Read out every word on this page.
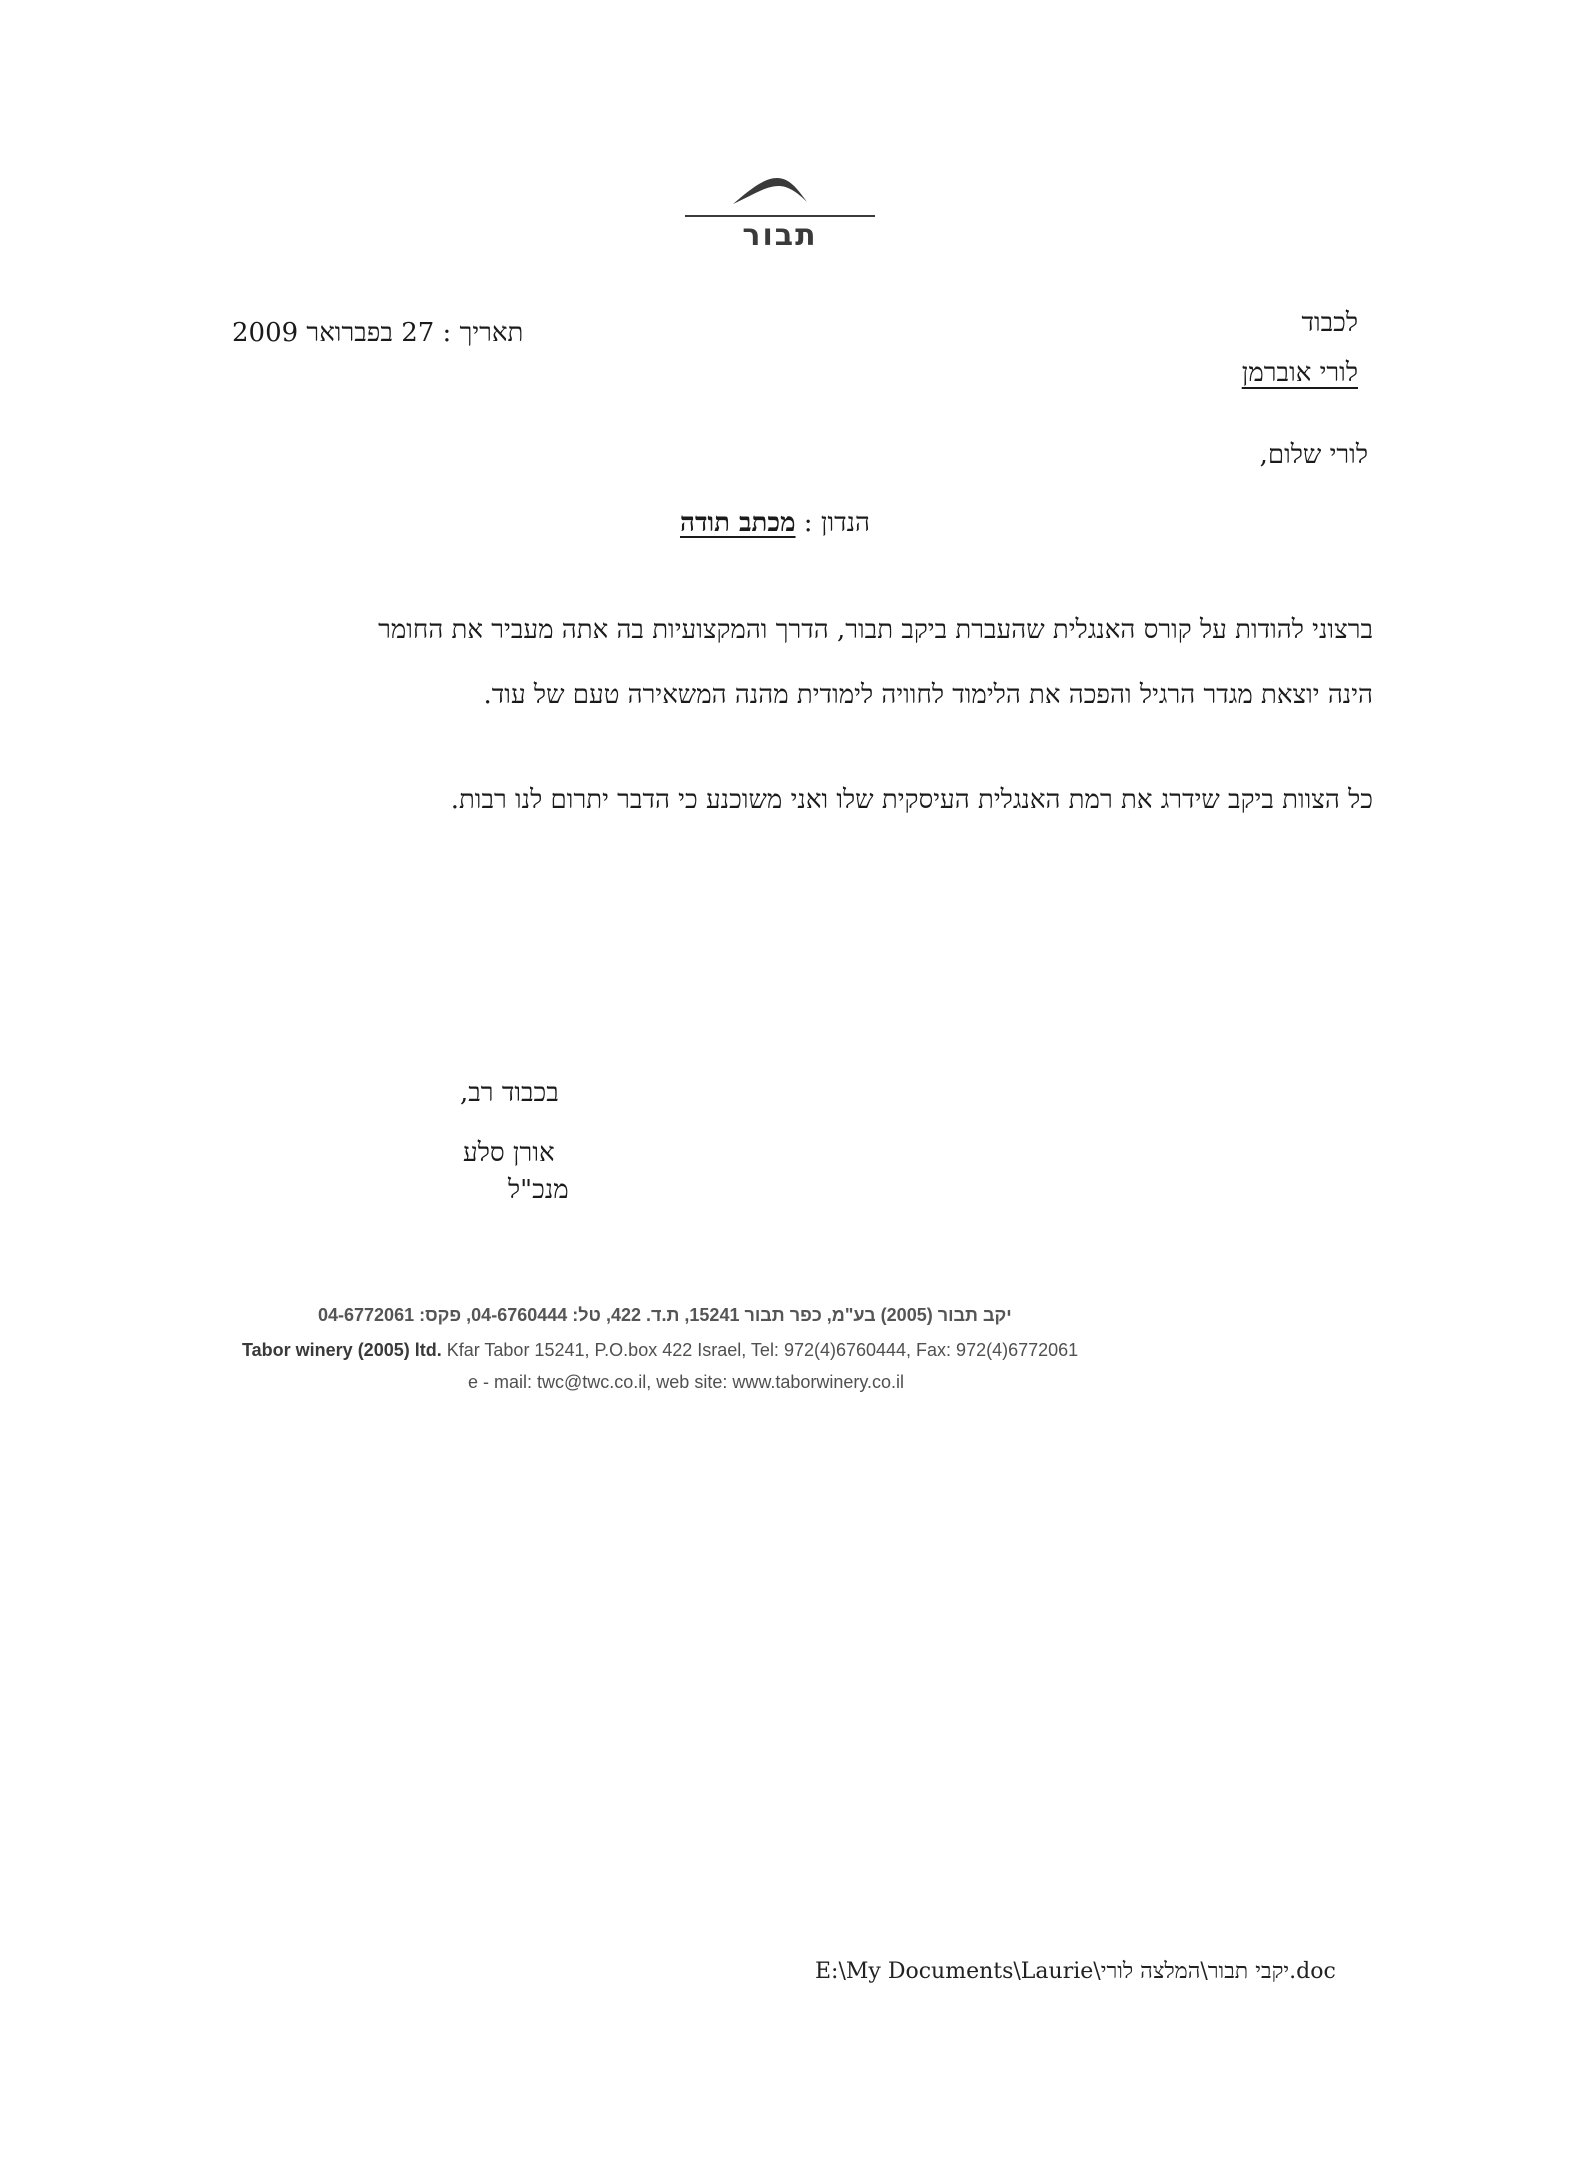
תבור
לכבוד
לורי אוברמן
תאריך : 27 בפברואר 2009
לורי שלום,
הנדון : מכתב תודה
ברצוני להודות על קורס האנגלית שהעברת ביקב תבור, הדרך והמקצועיות בה אתה מעביר את החומר
הינה יוצאת מגדר הרגיל והפכה את הלימוד לחוויה לימודית מהנה המשאירה טעם של עוד.
כל הצוות ביקב שידרג את רמת האנגלית העיסקית שלו ואני משוכנע כי הדבר יתרום לנו רבות.
בכבוד רב,
אורן סלע
מנכ"ל
יקב תבור (2005) בע"מ, כפר תבור 15241, ת.ד. 422, טל: 04-6760444, פקס: 04-6772061
Tabor winery (2005) ltd. Kfar Tabor 15241, P.O.box 422 Israel, Tel: 972(4)6760444, Fax: 972(4)6772061
e - mail: twc@twc.co.il, web site: www.taborwinery.co.il
E:\My Documents\Laurie\יקבי תבור\המלצה לורי.doc
